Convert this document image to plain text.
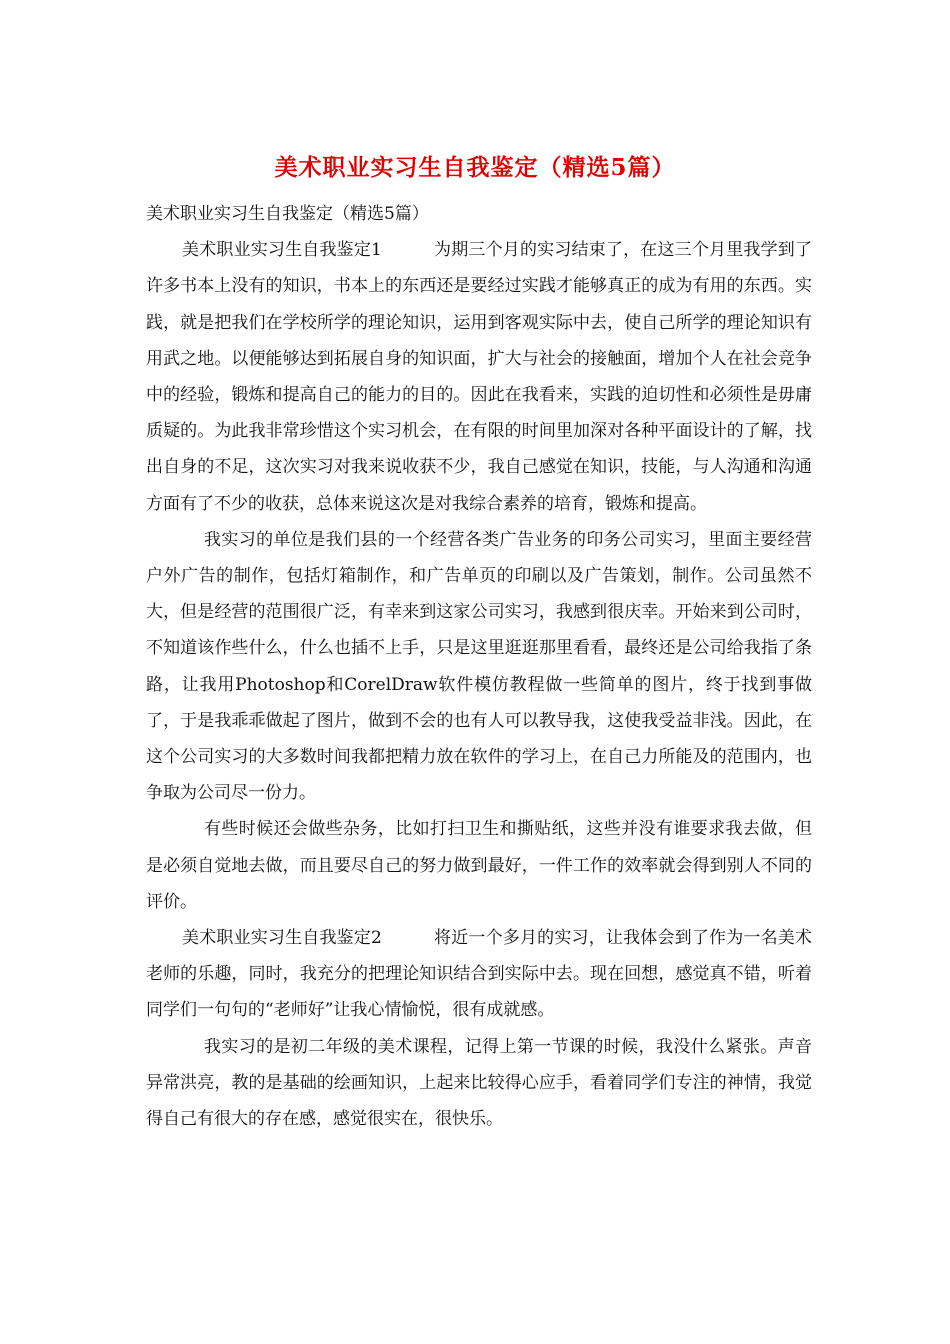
美术职业实习生自我鉴定（精选5篇）

美术职业实习生自我鉴定（精选5篇）

美术职业实习生自我鉴定1	为期三个月的实习结束了，在这三个月里我学到了许多书本上没有的知识，书本上的东西还是要经过实践才能够真正的成为有用的东西。实践，就是把我们在学校所学的理论知识，运用到客观实际中去，使自己所学的理论知识有用武之地。以便能够达到拓展自身的知识面，扩大与社会的接触面，增加个人在社会竞争中的经验，锻炼和提高自己的能力的目的。因此在我看来，实践的迫切性和必须性是毋庸质疑的。为此我非常珍惜这个实习机会，在有限的时间里加深对各种平面设计的了解，找出自身的不足，这次实习对我来说收获不少，我自己感觉在知识，技能，与人沟通和沟通方面有了不少的收获，总体来说这次是对我综合素养的培育，锻炼和提高。

我实习的单位是我们县的一个经营各类广告业务的印务公司实习，里面主要经营户外广告的制作，包括灯箱制作，和广告单页的印刷以及广告策划，制作。公司虽然不大，但是经营的范围很广泛，有幸来到这家公司实习，我感到很庆幸。开始来到公司时，不知道该作些什么，什么也插不上手，只是这里逛逛那里看看，最终还是公司给我指了条路，让我用Photoshop和CorelDraw软件模仿教程做一些简单的图片，终于找到事做了，于是我乖乖做起了图片，做到不会的也有人可以教导我，这使我受益非浅。因此，在这个公司实习的大多数时间我都把精力放在软件的学习上，在自己力所能及的范围内，也争取为公司尽一份力。

有些时候还会做些杂务，比如打扫卫生和撕贴纸，这些并没有谁要求我去做，但是必须自觉地去做，而且要尽自己的努力做到最好，一件工作的效率就会得到别人不同的评价。

美术职业实习生自我鉴定2	将近一个多月的实习，让我体会到了作为一名美术老师的乐趣，同时，我充分的把理论知识结合到实际中去。现在回想，感觉真不错，听着同学们一句句的“老师好”让我心情愉悦，很有成就感。

我实习的是初二年级的美术课程，记得上第一节课的时候，我没什么紧张。声音异常洪亮，教的是基础的绘画知识，上起来比较得心应手，看着同学们专注的神情，我觉得自己有很大的存在感，感觉很实在，很快乐。
